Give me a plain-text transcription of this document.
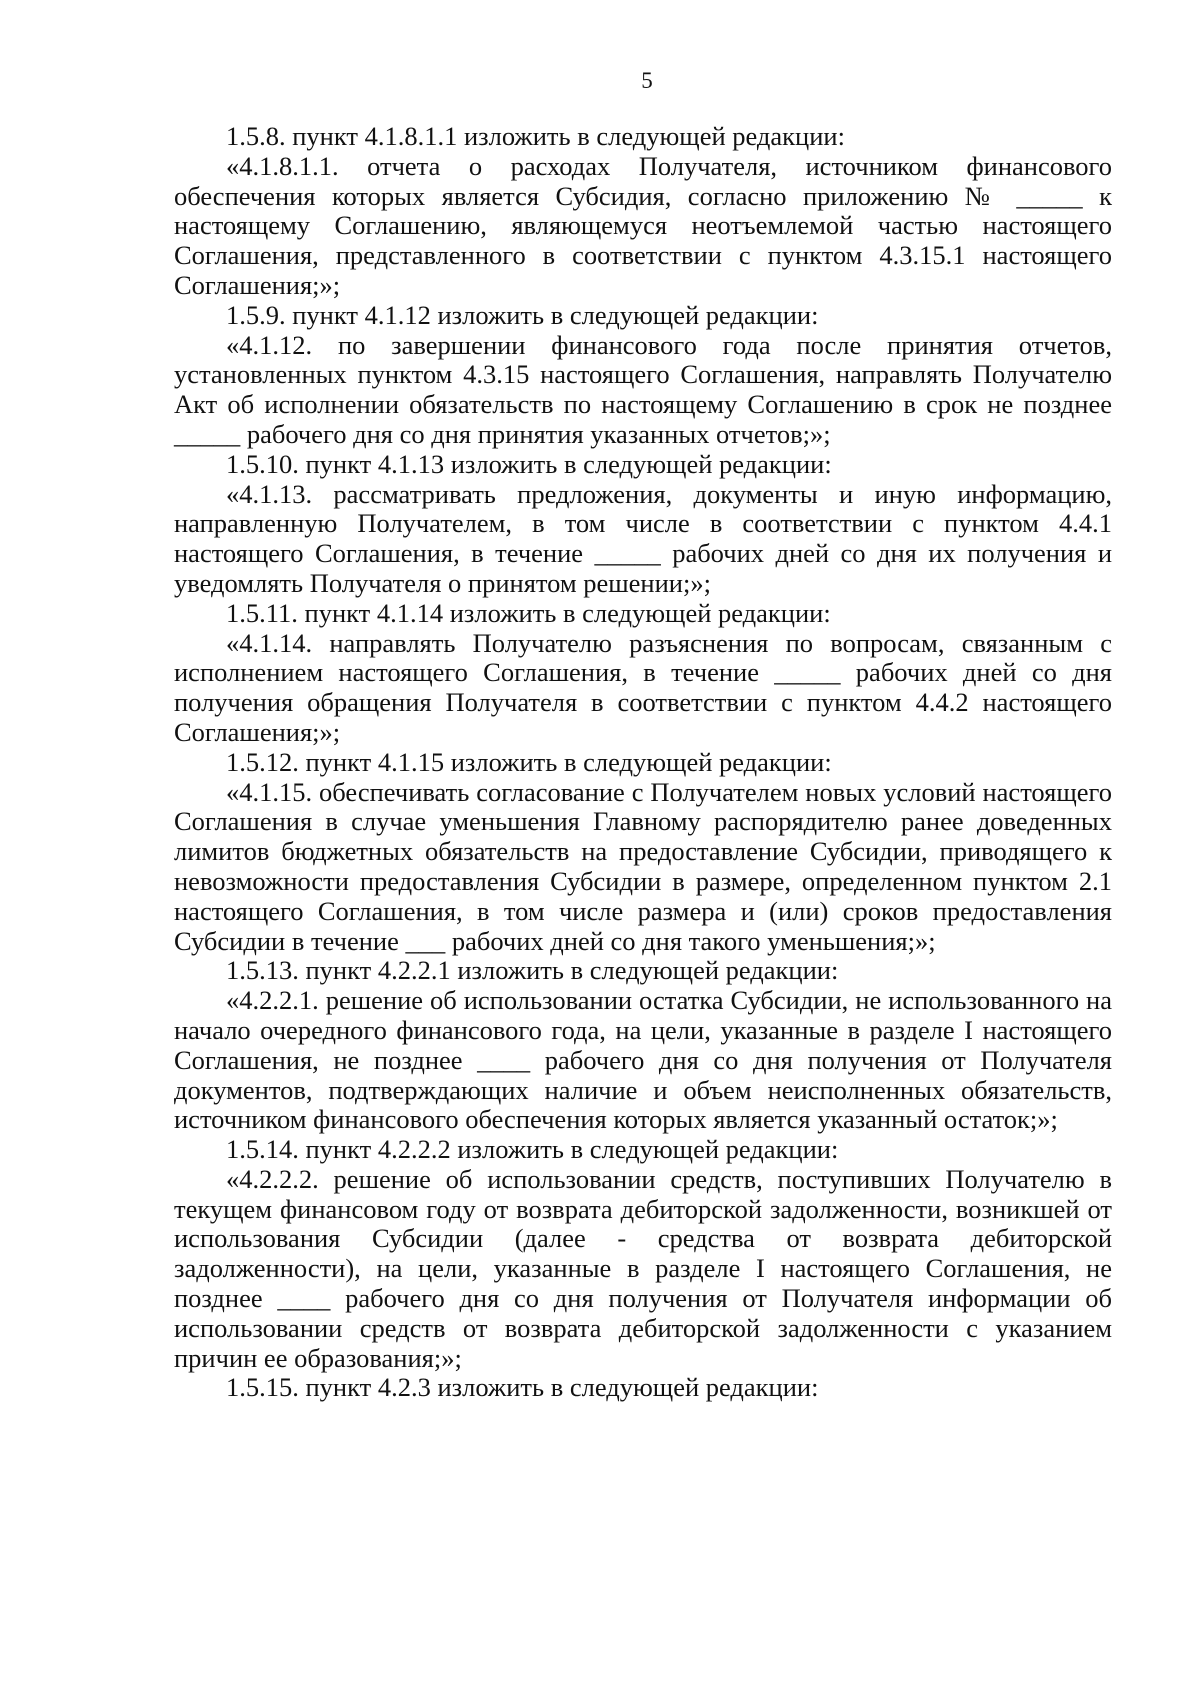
5

1.5.8. пункт 4.1.8.1.1 изложить в следующей редакции:

«4.1.8.1.1. отчета о расходах Получателя, источником финансового обеспечения которых является Субсидия, согласно приложению № _____ к настоящему Соглашению, являющемуся неотъемлемой частью настоящего Соглашения, представленного в соответствии с пунктом 4.3.15.1 настоящего Соглашения;»;

1.5.9. пункт 4.1.12 изложить в следующей редакции:

«4.1.12. по завершении финансового года после принятия отчетов, установленных пунктом 4.3.15 настоящего Соглашения, направлять Получателю Акт об исполнении обязательств по настоящему Соглашению в срок не позднее _____ рабочего дня со дня принятия указанных отчетов;»;

1.5.10. пункт 4.1.13 изложить в следующей редакции:

«4.1.13. рассматривать предложения, документы и иную информацию, направленную Получателем, в том числе в соответствии с пунктом 4.4.1 настоящего Соглашения, в течение _____ рабочих дней со дня их получения и уведомлять Получателя о принятом решении;»;

1.5.11. пункт 4.1.14 изложить в следующей редакции:

«4.1.14. направлять Получателю разъяснения по вопросам, связанным с исполнением настоящего Соглашения, в течение _____ рабочих дней со дня получения обращения Получателя в соответствии с пунктом 4.4.2 настоящего Соглашения;»;

1.5.12. пункт 4.1.15 изложить в следующей редакции:

«4.1.15. обеспечивать согласование с Получателем новых условий настоящего Соглашения в случае уменьшения Главному распорядителю ранее доведенных лимитов бюджетных обязательств на предоставление Субсидии, приводящего к невозможности предоставления Субсидии в размере, определенном пунктом 2.1 настоящего Соглашения, в том числе размера и (или) сроков предоставления Субсидии в течение ___ рабочих дней со дня такого уменьшения;»;

1.5.13. пункт 4.2.2.1 изложить в следующей редакции:

«4.2.2.1. решение об использовании остатка Субсидии, не использованного на начало очередного финансового года, на цели, указанные в разделе I настоящего Соглашения, не позднее ____ рабочего дня со дня получения от Получателя документов, подтверждающих наличие и объем неисполненных обязательств, источником финансового обеспечения которых является указанный остаток;»;

1.5.14. пункт 4.2.2.2 изложить в следующей редакции:

«4.2.2.2. решение об использовании средств, поступивших Получателю в текущем финансовом году от возврата дебиторской задолженности, возникшей от использования Субсидии (далее - средства от возврата дебиторской задолженности), на цели, указанные в разделе I настоящего Соглашения, не позднее ____ рабочего дня со дня получения от Получателя информации об использовании средств от возврата дебиторской задолженности с указанием причин ее образования;»;

1.5.15. пункт 4.2.3 изложить в следующей редакции:
